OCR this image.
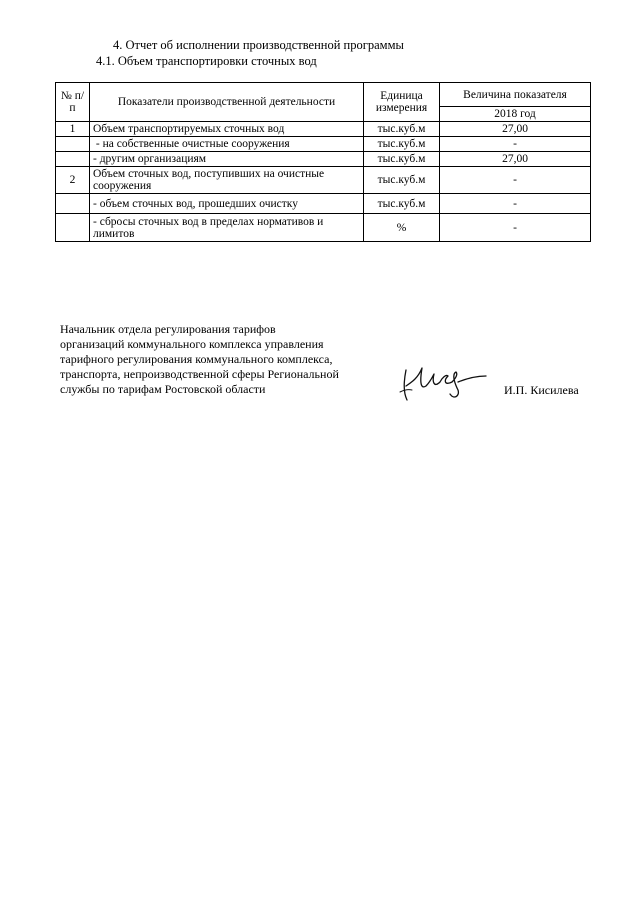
4. Отчет об исполнении производственной программы
4.1. Объем транспортировки сточных вод
№ п/п	Показатели производственной деятельности	Единица измерения	Величина показателя
			2018 год
1	Объем транспортируемых сточных вод	тыс.куб.м	27,00
	- на собственные очистные сооружения	тыс.куб.м	-
	- другим организациям	тыс.куб.м	27,00
2	Объем сточных вод, поступивших на очистные сооружения	тыс.куб.м	-
	- объем сточных вод, прошедших очистку	тыс.куб.м	-
	- сбросы сточных вод в пределах нормативов и лимитов	%	-
Начальник отдела регулирования тарифов
организаций коммунального комплекса управления
тарифного регулирования коммунального комплекса,
транспорта, непроизводственной сферы Региональной
службы по тарифам Ростовской области	И.П. Кисилева
